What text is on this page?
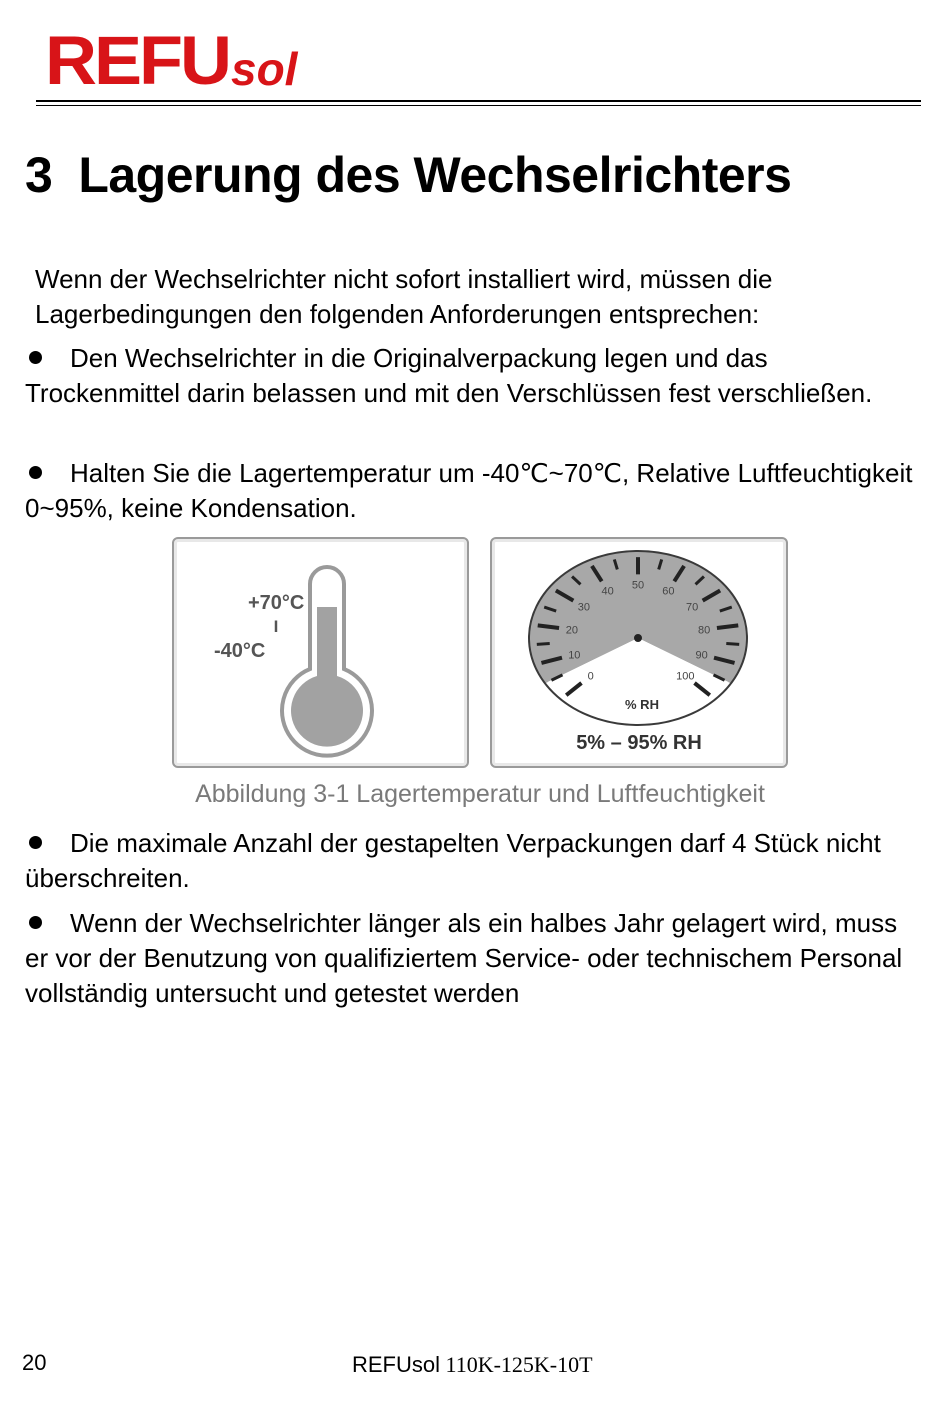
REFUsol
3 Lagerung des Wechselrichters

Wenn der Wechselrichter nicht sofort installiert wird, müssen die Lagerbedingungen den folgenden Anforderungen entsprechen:

Den Wechselrichter in die Originalverpackung legen und das Trockenmittel darin belassen und mit den Verschlüssen fest verschließen.

Halten Sie die Lagertemperatur um -40℃~70℃, Relative Luftfeuchtigkeit 0~95%, keine Kondensation.

+70°C
I
-40°C
0
10
20
30
40 50 60
70
80
90
100
% RH
5% – 95% RH

Abbildung 3-1 Lagertemperatur und Luftfeuchtigkeit

Die maximale Anzahl der gestapelten Verpackungen darf 4 Stück nicht überschreiten.

Wenn der Wechselrichter länger als ein halbes Jahr gelagert wird, muss er vor der Benutzung von qualifiziertem Service- oder technischem Personal vollständig untersucht und getestet werden

20	REFUsol 110K-125K-10T
